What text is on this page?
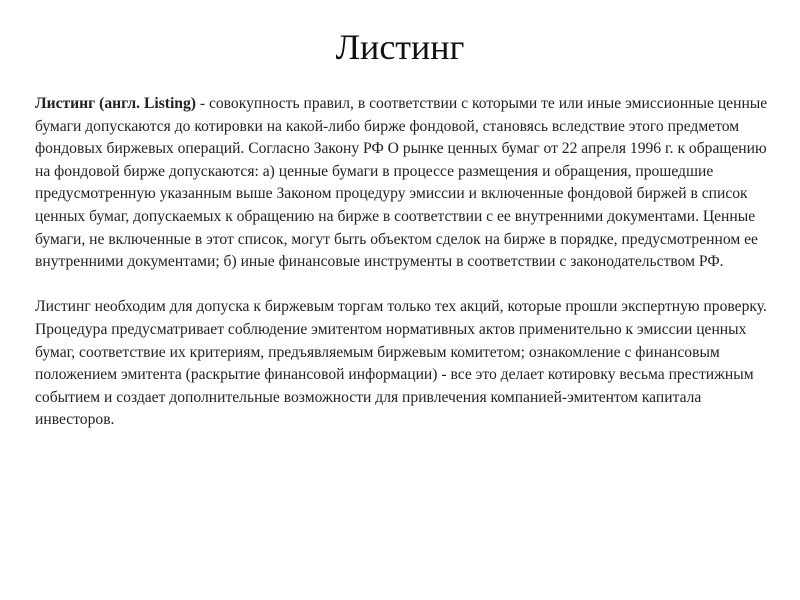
Листинг

Листинг (англ. Listing) - совокупность правил, в соответствии с которыми те или иные эмиссионные ценные бумаги допускаются до котировки на какой-либо бирже фондовой, становясь вследствие этого предметом фондовых биржевых операций. Согласно Закону РФ О рынке ценных бумаг от 22 апреля 1996 г. к обращению на фондовой бирже допускаются: а) ценные бумаги в процессе размещения и обращения, прошедшие предусмотренную указанным выше Законом процедуру эмиссии и включенные фондовой биржей в список ценных бумаг, допускаемых к обращению на бирже в соответствии с ее внутренними документами. Ценные бумаги, не включенные в этот список, могут быть объектом сделок на бирже в порядке, предусмотренном ее внутренними документами; б) иные финансовые инструменты в соответствии с законодательством РФ.

Листинг необходим для допуска к биржевым торгам только тех акций, которые прошли экспертную проверку. Процедура предусматривает соблюдение эмитентом нормативных актов применительно к эмиссии ценных бумаг, соответствие их критериям, предъявляемым биржевым комитетом; ознакомление с финансовым положением эмитента (раскрытие финансовой информации) - все это делает котировку весьма престижным событием и создает дополнительные возможности для привлечения компанией-эмитентом капитала инвесторов.
